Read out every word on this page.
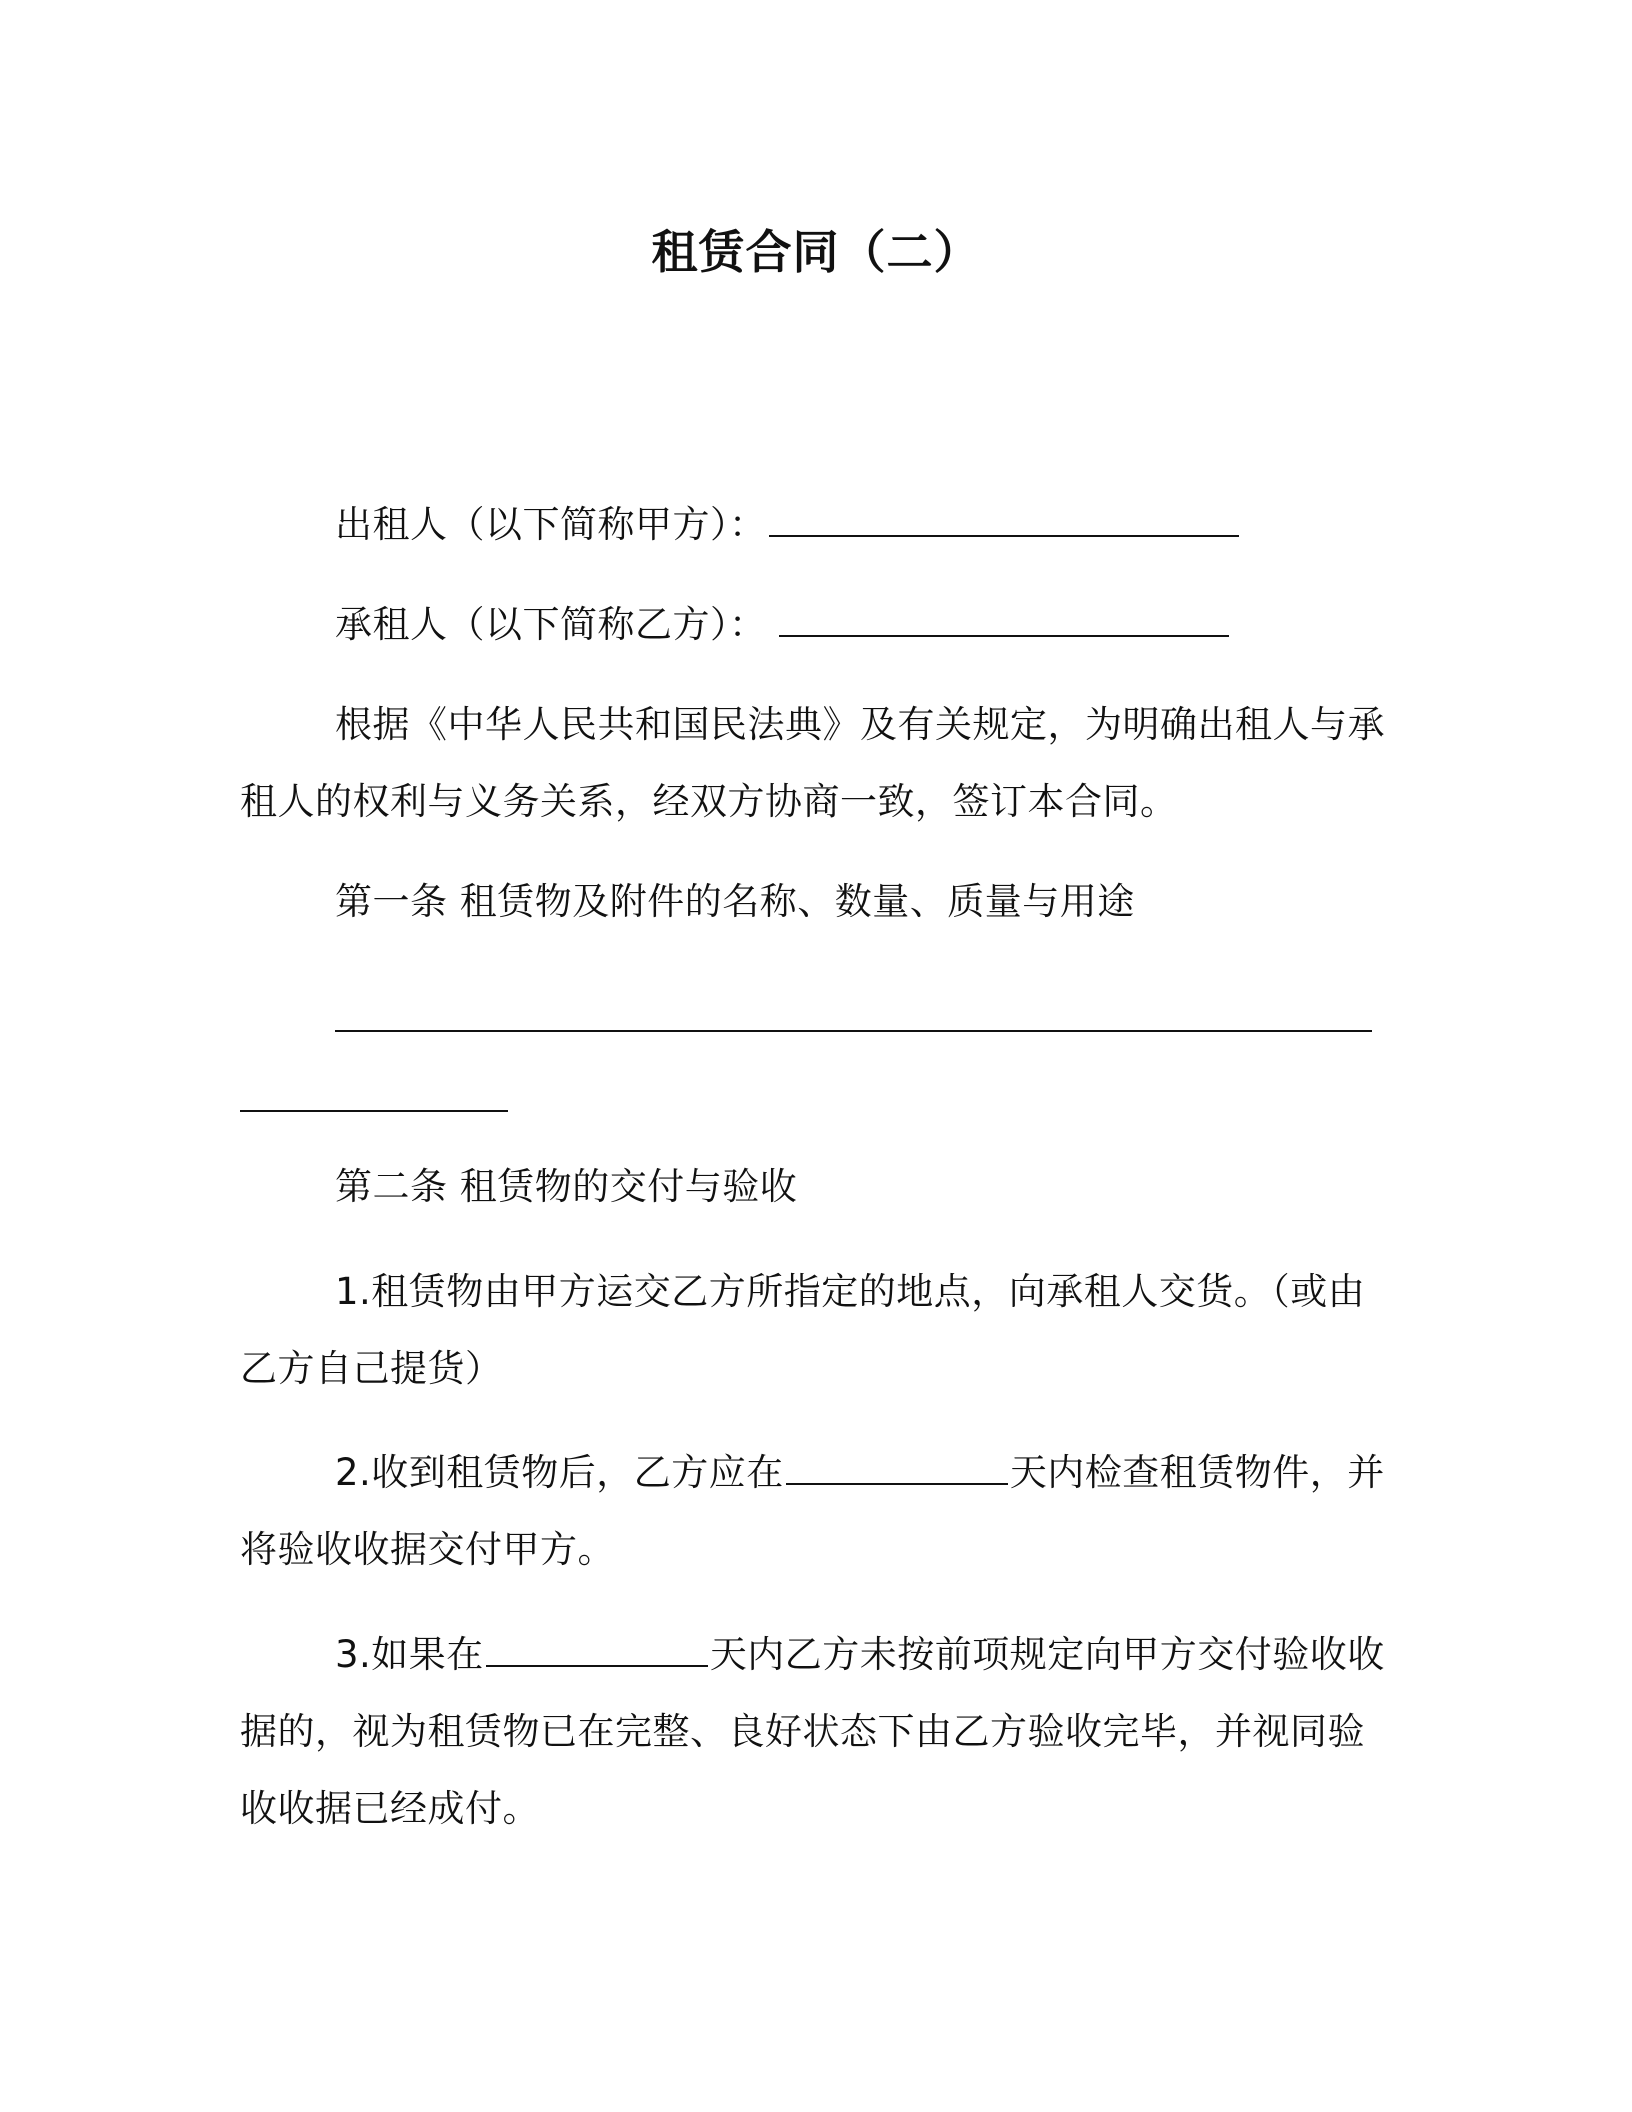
租赁合同（二）
出租人（以下简称甲方）：
承租人（以下简称乙方）：
根据《中华人民共和国民法典》及有关规定，为明确出租人与承
租人的权利与义务关系，经双方协商一致，签订本合同。
第一条 租赁物及附件的名称、数量、质量与用途
第二条 租赁物的交付与验收
1.租赁物由甲方运交乙方所指定的地点，向承租人交货。（或由
乙方自己提货）
2.收到租赁物后，乙方应在	天内检查租赁物件，并
将验收收据交付甲方。
3.如果在	天内乙方未按前项规定向甲方交付验收收
据的，视为租赁物已在完整、良好状态下由乙方验收完毕，并视同验
收收据已经成付。
